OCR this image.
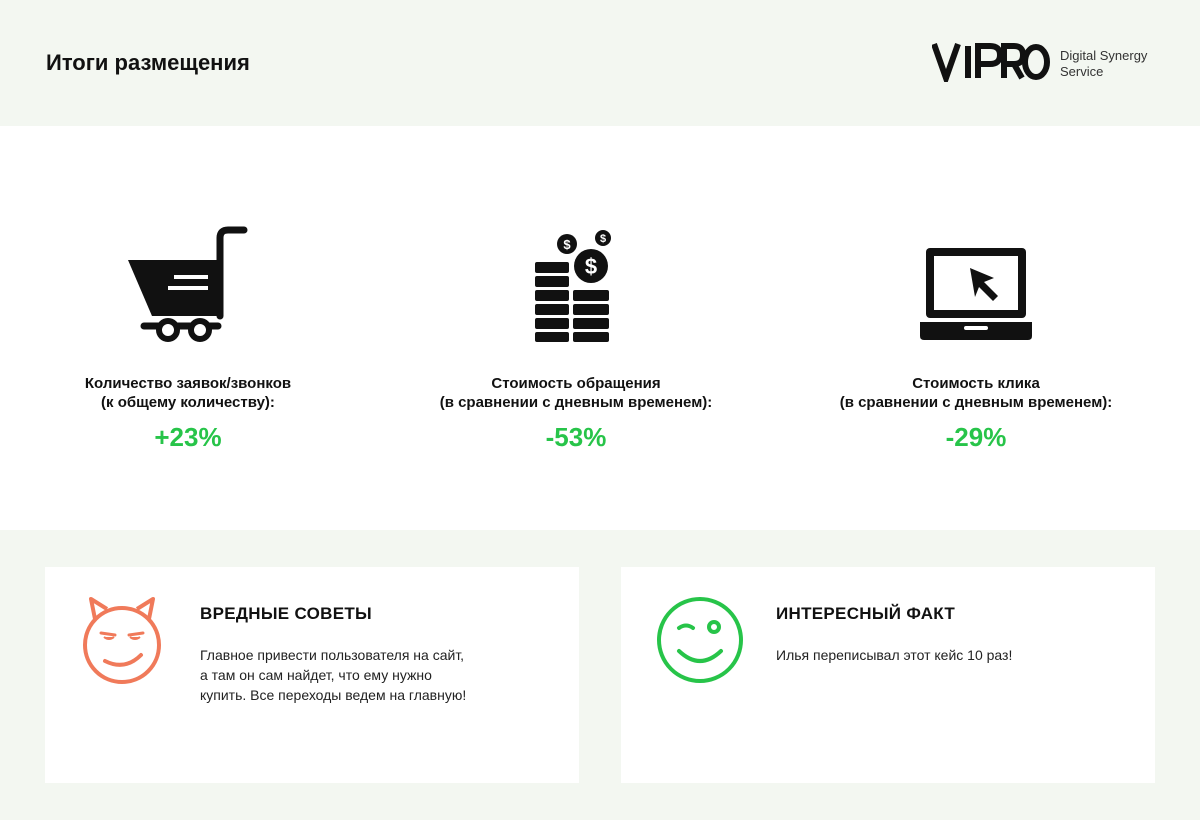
Итоги размещения	Digital Synergy
Service
Количество заявок/звонков
(к общему количеству):
+23%
$
$	$
Стоимость обращения
(в сравнении с дневным временем):
-53%
Стоимость клика
(в сравнении с дневным временем):
-29%
ВРЕДНЫЕ СОВЕТЫ
Главное привести пользователя на сайт,
а там он сам найдет, что ему нужно
купить. Все переходы ведем на главную!
ИНТЕРЕСНЫЙ ФАКТ
Илья переписывал этот кейс 10 раз!
